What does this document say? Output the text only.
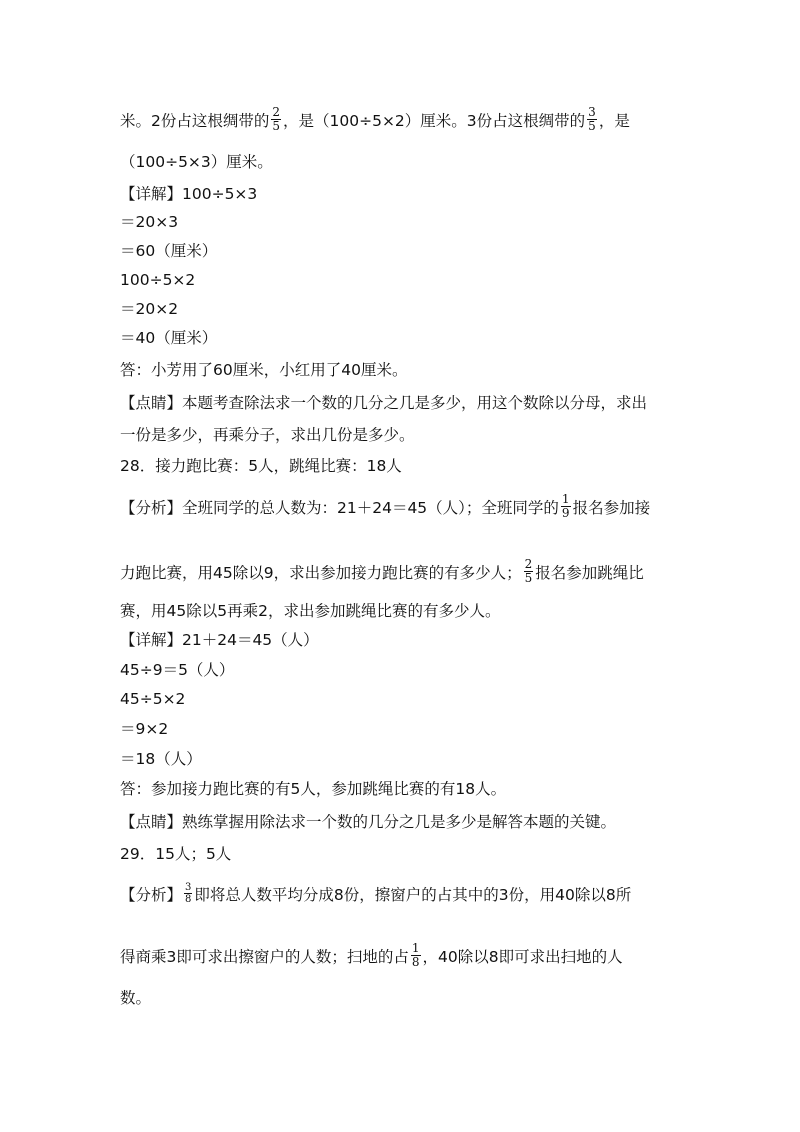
米。2份占这根绸带的 $\frac{2}{5}$ ，是（100÷5×2）厘米。3份占这根绸带的 $\frac{3}{5}$ ，是
（100÷5×3）厘米。
【详解】100÷5×3
＝20×3
＝60（厘米）
100÷5×2
＝20×2
＝40（厘米）
答：小芳用了60厘米，小红用了40厘米。
【点睛】本题考查除法求一个数的几分之几是多少，用这个数除以分母，求出
一份是多少，再乘分子，求出几份是多少。
28．接力跑比赛：5人，跳绳比赛：18人
【分析】全班同学的总人数为：21＋24＝45（人）；全班同学的 $\frac{1}{9}$ 报名参加接
力跑比赛，用45除以9，求出参加接力跑比赛的有多少人； $\frac{2}{5}$ 报名参加跳绳比
赛，用45除以5再乘2，求出参加跳绳比赛的有多少人。
【详解】21＋24＝45（人）
45÷9＝5（人）
45÷5×2
＝9×2
＝18（人）
答：参加接力跑比赛的有5人，参加跳绳比赛的有18人。
【点睛】熟练掌握用除法求一个数的几分之几是多少是解答本题的关键。
29．15人；5人
【分析】 $\frac{3}{8}$ 即将总人数平均分成8份，擦窗户的占其中的3份，用40除以8所
得商乘3即可求出擦窗户的人数；扫地的占 $\frac{1}{8}$ ，40除以8即可求出扫地的人
数。
